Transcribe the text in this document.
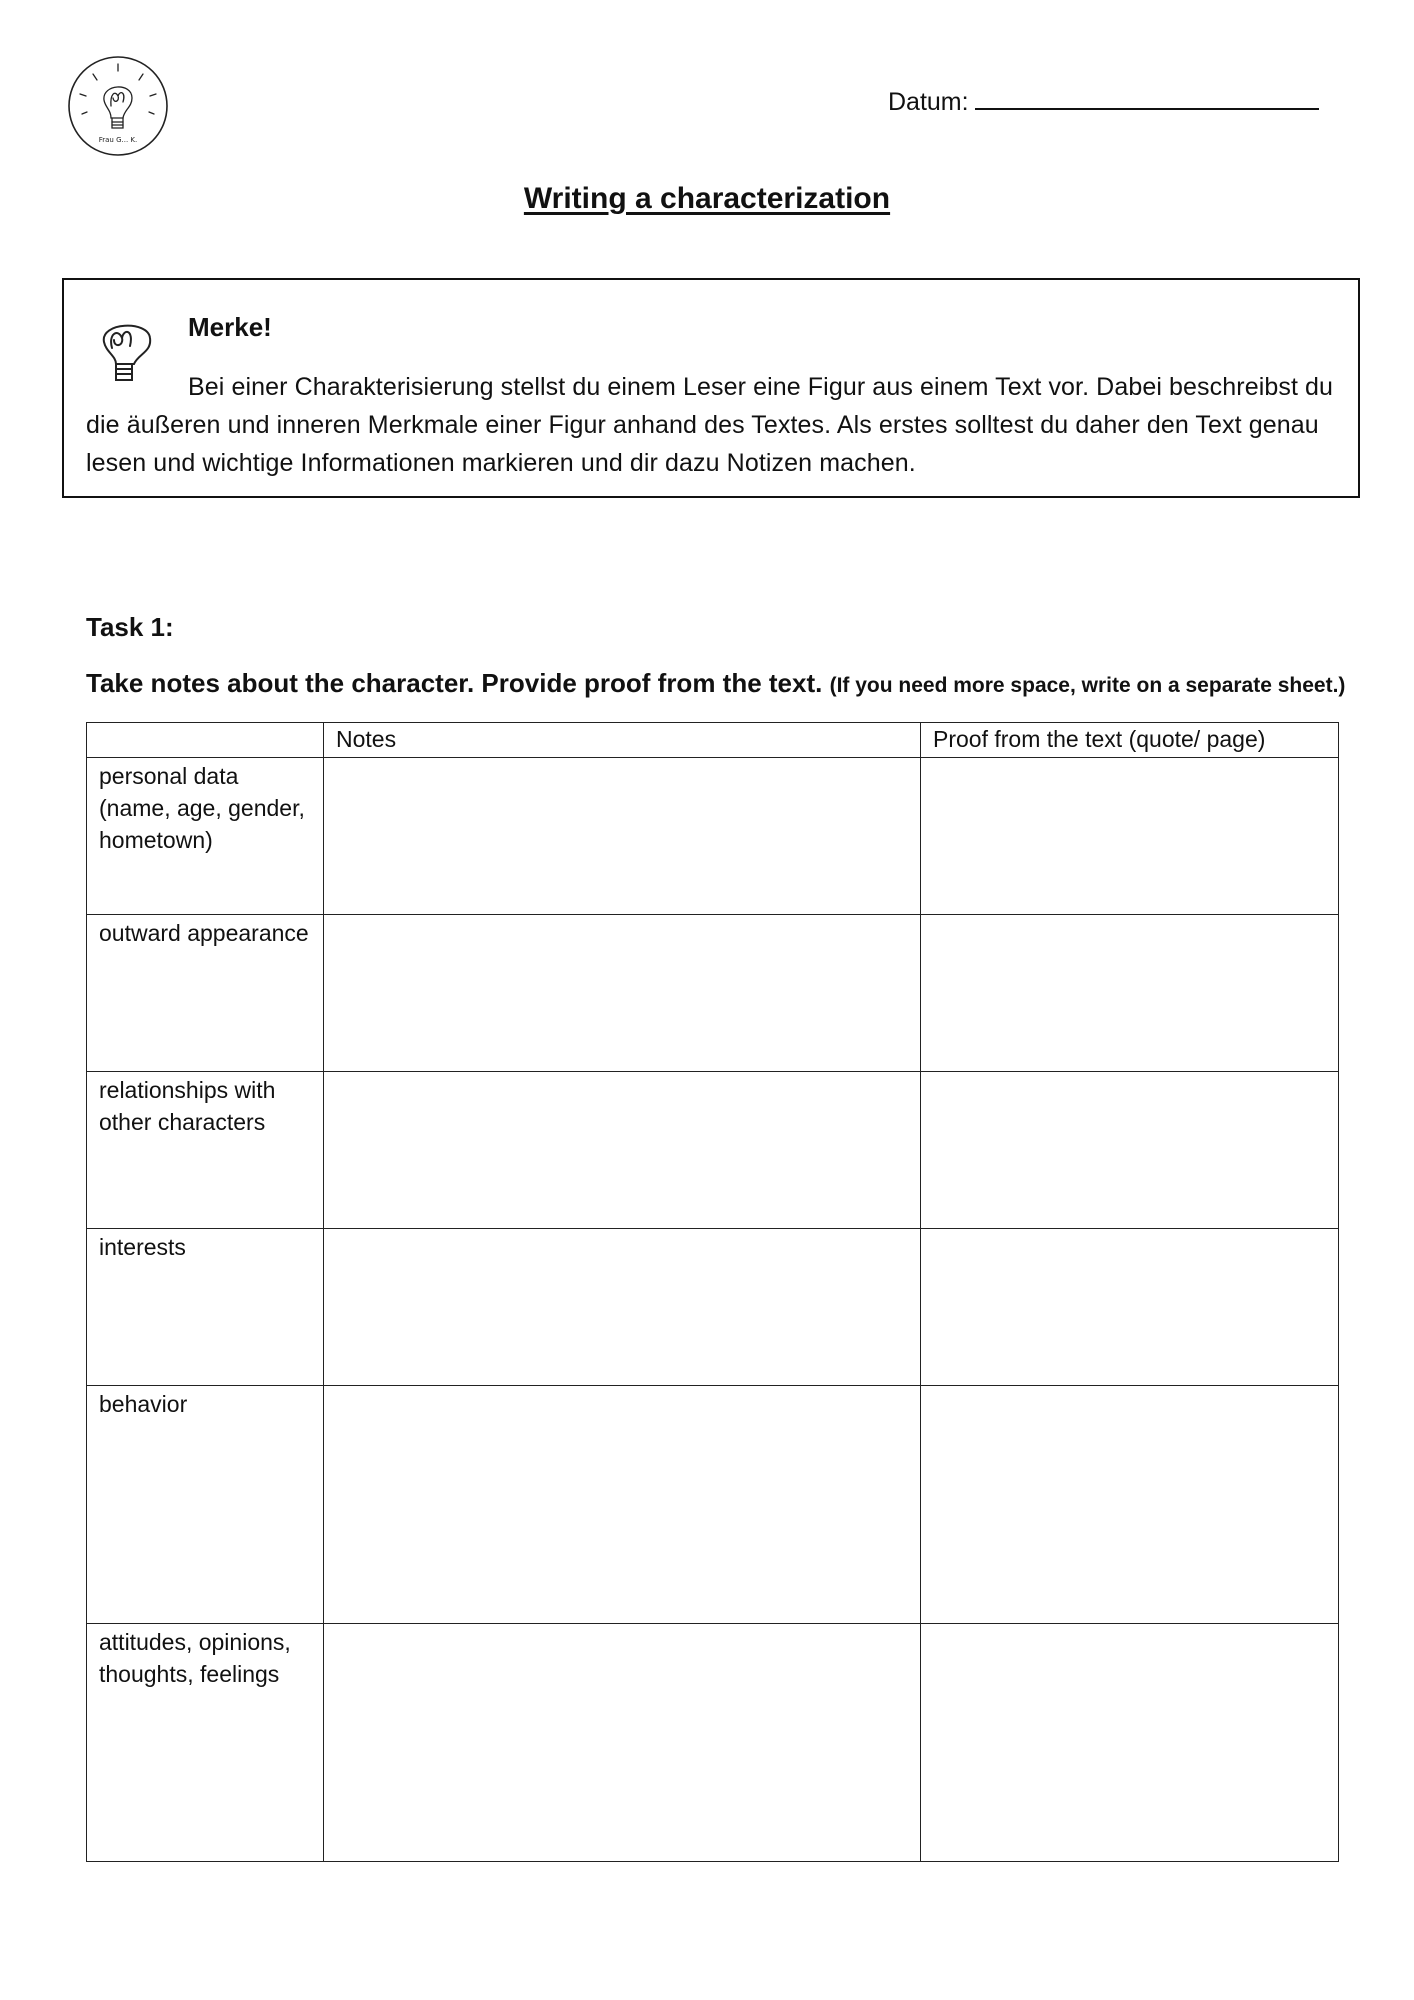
Frau G... K.
Datum:
Writing a characterization
Merke!
Bei einer Charakterisierung stellst du einem Leser eine Figur aus einem Text vor. Dabei beschreibst du die äußeren und inneren Merkmale einer Figur anhand des Textes. Als erstes solltest du daher den Text genau lesen und wichtige Informationen markieren und dir dazu Notizen machen.
Task 1:
Take notes about the character. Provide proof from the text. (If you need more space, write on a separate sheet.)
	Notes	Proof from the text (quote/ page)
personal data (name, age, gender, hometown)		
outward appearance		
relationships with other characters		
interests		
behavior		
attitudes, opinions, thoughts, feelings		
